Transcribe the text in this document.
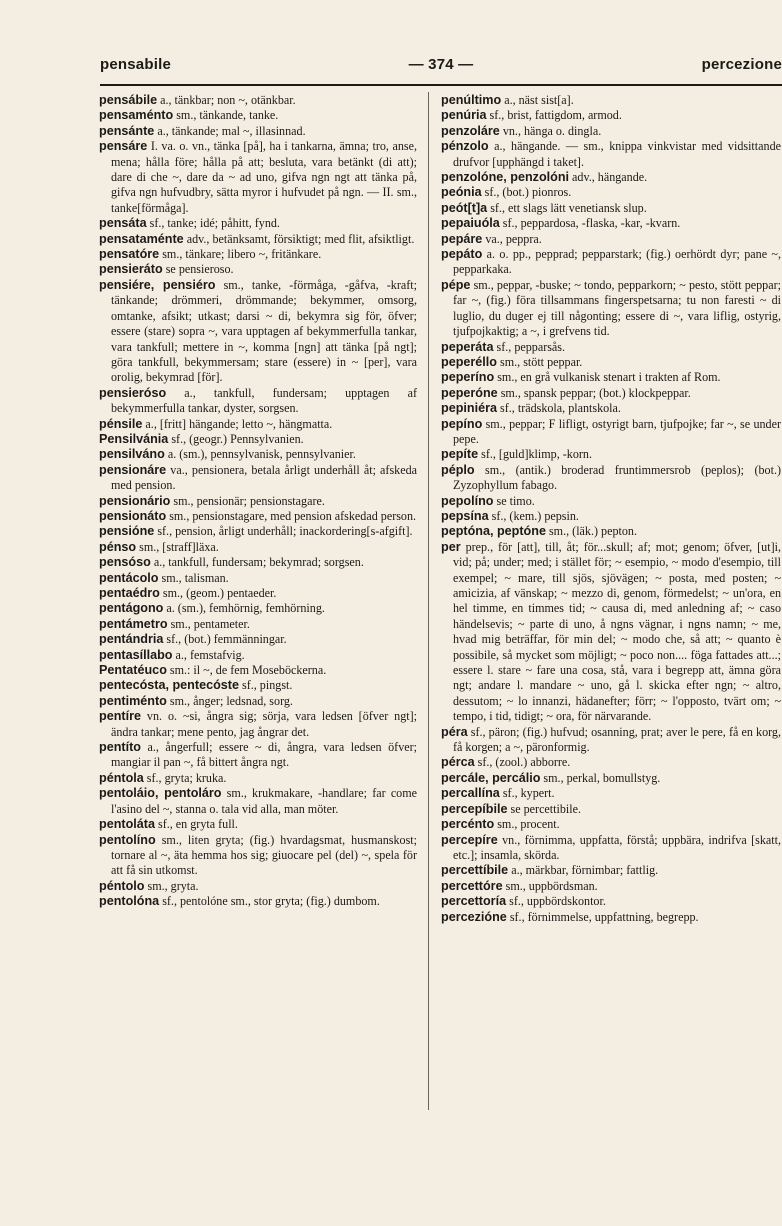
pensabile	— 374 —	percezione

pensábile a., tänkbar; non ~, otänkbar.

pensaménto sm., tänkande, tanke.

pensánte a., tänkande; mal ~, illasinnad.

pensáre I. va. o. vn., tänka [på], ha i tankarna, ämna; tro, anse, mena; hålla före; hålla på att; besluta, vara betänkt (di att); dare di che ~, dare da ~ ad uno, gifva ngn ngt att tänka på, gifva ngn hufvudbry, sätta myror i hufvudet på ngn. — II. sm., tanke[förmåga].

pensáta sf., tanke; idé; påhitt, fynd.

pensataménte adv., betänksamt, försiktigt; med flit, afsiktligt.

pensatóre sm., tänkare; libero ~, fritänkare.

pensieráto se pensieroso.

pensiére, pensiéro sm., tanke, -förmåga, -gåfva, -kraft; tänkande; drömmeri, drömmande; bekymmer, omsorg, omtanke, afsikt; utkast; darsi ~ di, bekymra sig för, öfver; essere (stare) sopra ~, vara upptagen af bekymmerfulla tankar, vara tankfull; mettere in ~, komma [ngn] att tänka [på ngt]; göra tankfull, bekymmersam; stare (essere) in ~ [per], vara orolig, bekymrad [för].

pensieróso a., tankfull, fundersam; upptagen af bekymmerfulla tankar, dyster, sorgsen.

pénsile a., [fritt] hängande; letto ~, hängmatta.

Pensilvánia sf., (geogr.) Pennsylvanien.

pensilváno a. (sm.), pennsylvanisk, pennsylvanier.

pensionáre va., pensionera, betala årligt underhåll åt; afskeda med pension.

pensionário sm., pensionär; pensionstagare.

pensionáto sm., pensionstagare, med pension afskedad person.

pensióne sf., pension, årligt underhåll; inackordering[s-afgift].

pénso sm., [straff]läxa.

pensóso a., tankfull, fundersam; bekymrad; sorgsen.

pentácolo sm., talisman.

pentaédro sm., (geom.) pentaeder.

pentágono a. (sm.), femhörnig, femhörning.

pentámetro sm., pentameter.

pentándria sf., (bot.) femmänningar.

pentasíllabo a., femstafvig.

Pentatéuco sm.: il ~, de fem Moseböckerna.

pentecósta, pentecóste sf., pingst.

pentiménto sm., ånger; ledsnad, sorg.

pentíre vn. o. ~si, ångra sig; sörja, vara ledsen [öfver ngt]; ändra tankar; mene pento, jag ångrar det.

pentíto a., ångerfull; essere ~ di, ångra, vara ledsen öfver; mangiar il pan ~, få bittert ångra ngt.

péntola sf., gryta; kruka.

pentoláio, pentoláro sm., krukmakare, -handlare; far come l'asino del ~, stanna o. tala vid alla, man möter.

pentoláta sf., en gryta full.

pentolíno sm., liten gryta; (fig.) hvardagsmat, husmanskost; tornare al ~, äta hemma hos sig; giuocare pel (del) ~, spela för att få sin utkomst.

péntolo sm., gryta.

pentolóna sf., pentolóne sm., stor gryta; (fig.) dumbom.

penúltimo a., näst sist[a].

penúria sf., brist, fattigdom, armod.

penzoláre vn., hänga o. dingla.

pénzolo a., hängande. — sm., knippa vinkvistar med vidsittande drufvor [upphängd i taket].

penzolóne, penzolóni adv., hängande.

peónia sf., (bot.) pionros.

peót[t]a sf., ett slags lätt venetiansk slup.

pepaiuóla sf., peppardosa, -flaska, -kar, -kvarn.

pepáre va., peppra.

pepáto a. o. pp., pepprad; pepparstark; (fig.) oerhördt dyr; pane ~, pepparkaka.

pépe sm., peppar, -buske; ~ tondo, pepparkorn; ~ pesto, stött peppar; far ~, (fig.) föra tillsammans fingerspetsarna; tu non faresti ~ di luglio, du duger ej till någonting; essere di ~, vara liflig, ostyrig, tjufpojkaktig; a ~, i grefvens tid.

peperáta sf., pepparsås.

peperéllo sm., stött peppar.

peperíno sm., en grå vulkanisk stenart i trakten af Rom.

peperóne sm., spansk peppar; (bot.) klockpeppar.

pepiniéra sf., trädskola, plantskola.

pepíno sm., peppar; F lifligt, ostyrigt barn, tjufpojke; far ~, se under pepe.

pepíte sf., [guld]klimp, -korn.

péplo sm., (antik.) broderad fruntimmersrob (peplos); (bot.) Zyzophyllum fabago.

pepolíno se timo.

pepsína sf., (kem.) pepsin.

peptóna, peptóne sm., (läk.) pepton.

per prep., för [att], till, åt; för...skull; af; mot; genom; öfver, [ut]i, vid; på; under; med; i stället för; ~ esempio, ~ modo d'esempio, till exempel; ~ mare, till sjös, sjövägen; ~ posta, med posten; ~ amicizia, af vänskap; ~ mezzo di, genom, förmedelst; ~ un'ora, en hel timme, en timmes tid; ~ causa di, med anledning af; ~ caso händelsevis; ~ parte di uno, å ngns vägnar, i ngns namn; ~ me, hvad mig beträffar, för min del; ~ modo che, så att; ~ quanto è possibile, så mycket som möjligt; ~ poco non.... föga fattades att...; essere l. stare ~ fare una cosa, stå, vara i begrepp att, ämna göra ngt; andare l. mandare ~ uno, gå l. skicka efter ngn; ~ altro, dessutom; ~ lo innanzi, hädanefter; förr; ~ l'opposto, tvärt om; ~ tempo, i tid, tidigt; ~ ora, för närvarande.

péra sf., päron; (fig.) hufvud; osanning, prat; aver le pere, få en korg, få korgen; a ~, päronformig.

pérca sf., (zool.) abborre.

percále, percálio sm., perkal, bomullstyg.

percallína sf., kypert.

percepíbile se percettibile.

percénto sm., procent.

percepíre vn., förnimma, uppfatta, förstå; uppbära, indrifva [skatt, etc.]; insamla, skörda.

percettíbile a., märkbar, förnimbar; fattlig.

percettóre sm., uppbördsman.

percettoría sf., uppbördskontor.

percezióne sf., förnimmelse, uppfattning, begrepp.
